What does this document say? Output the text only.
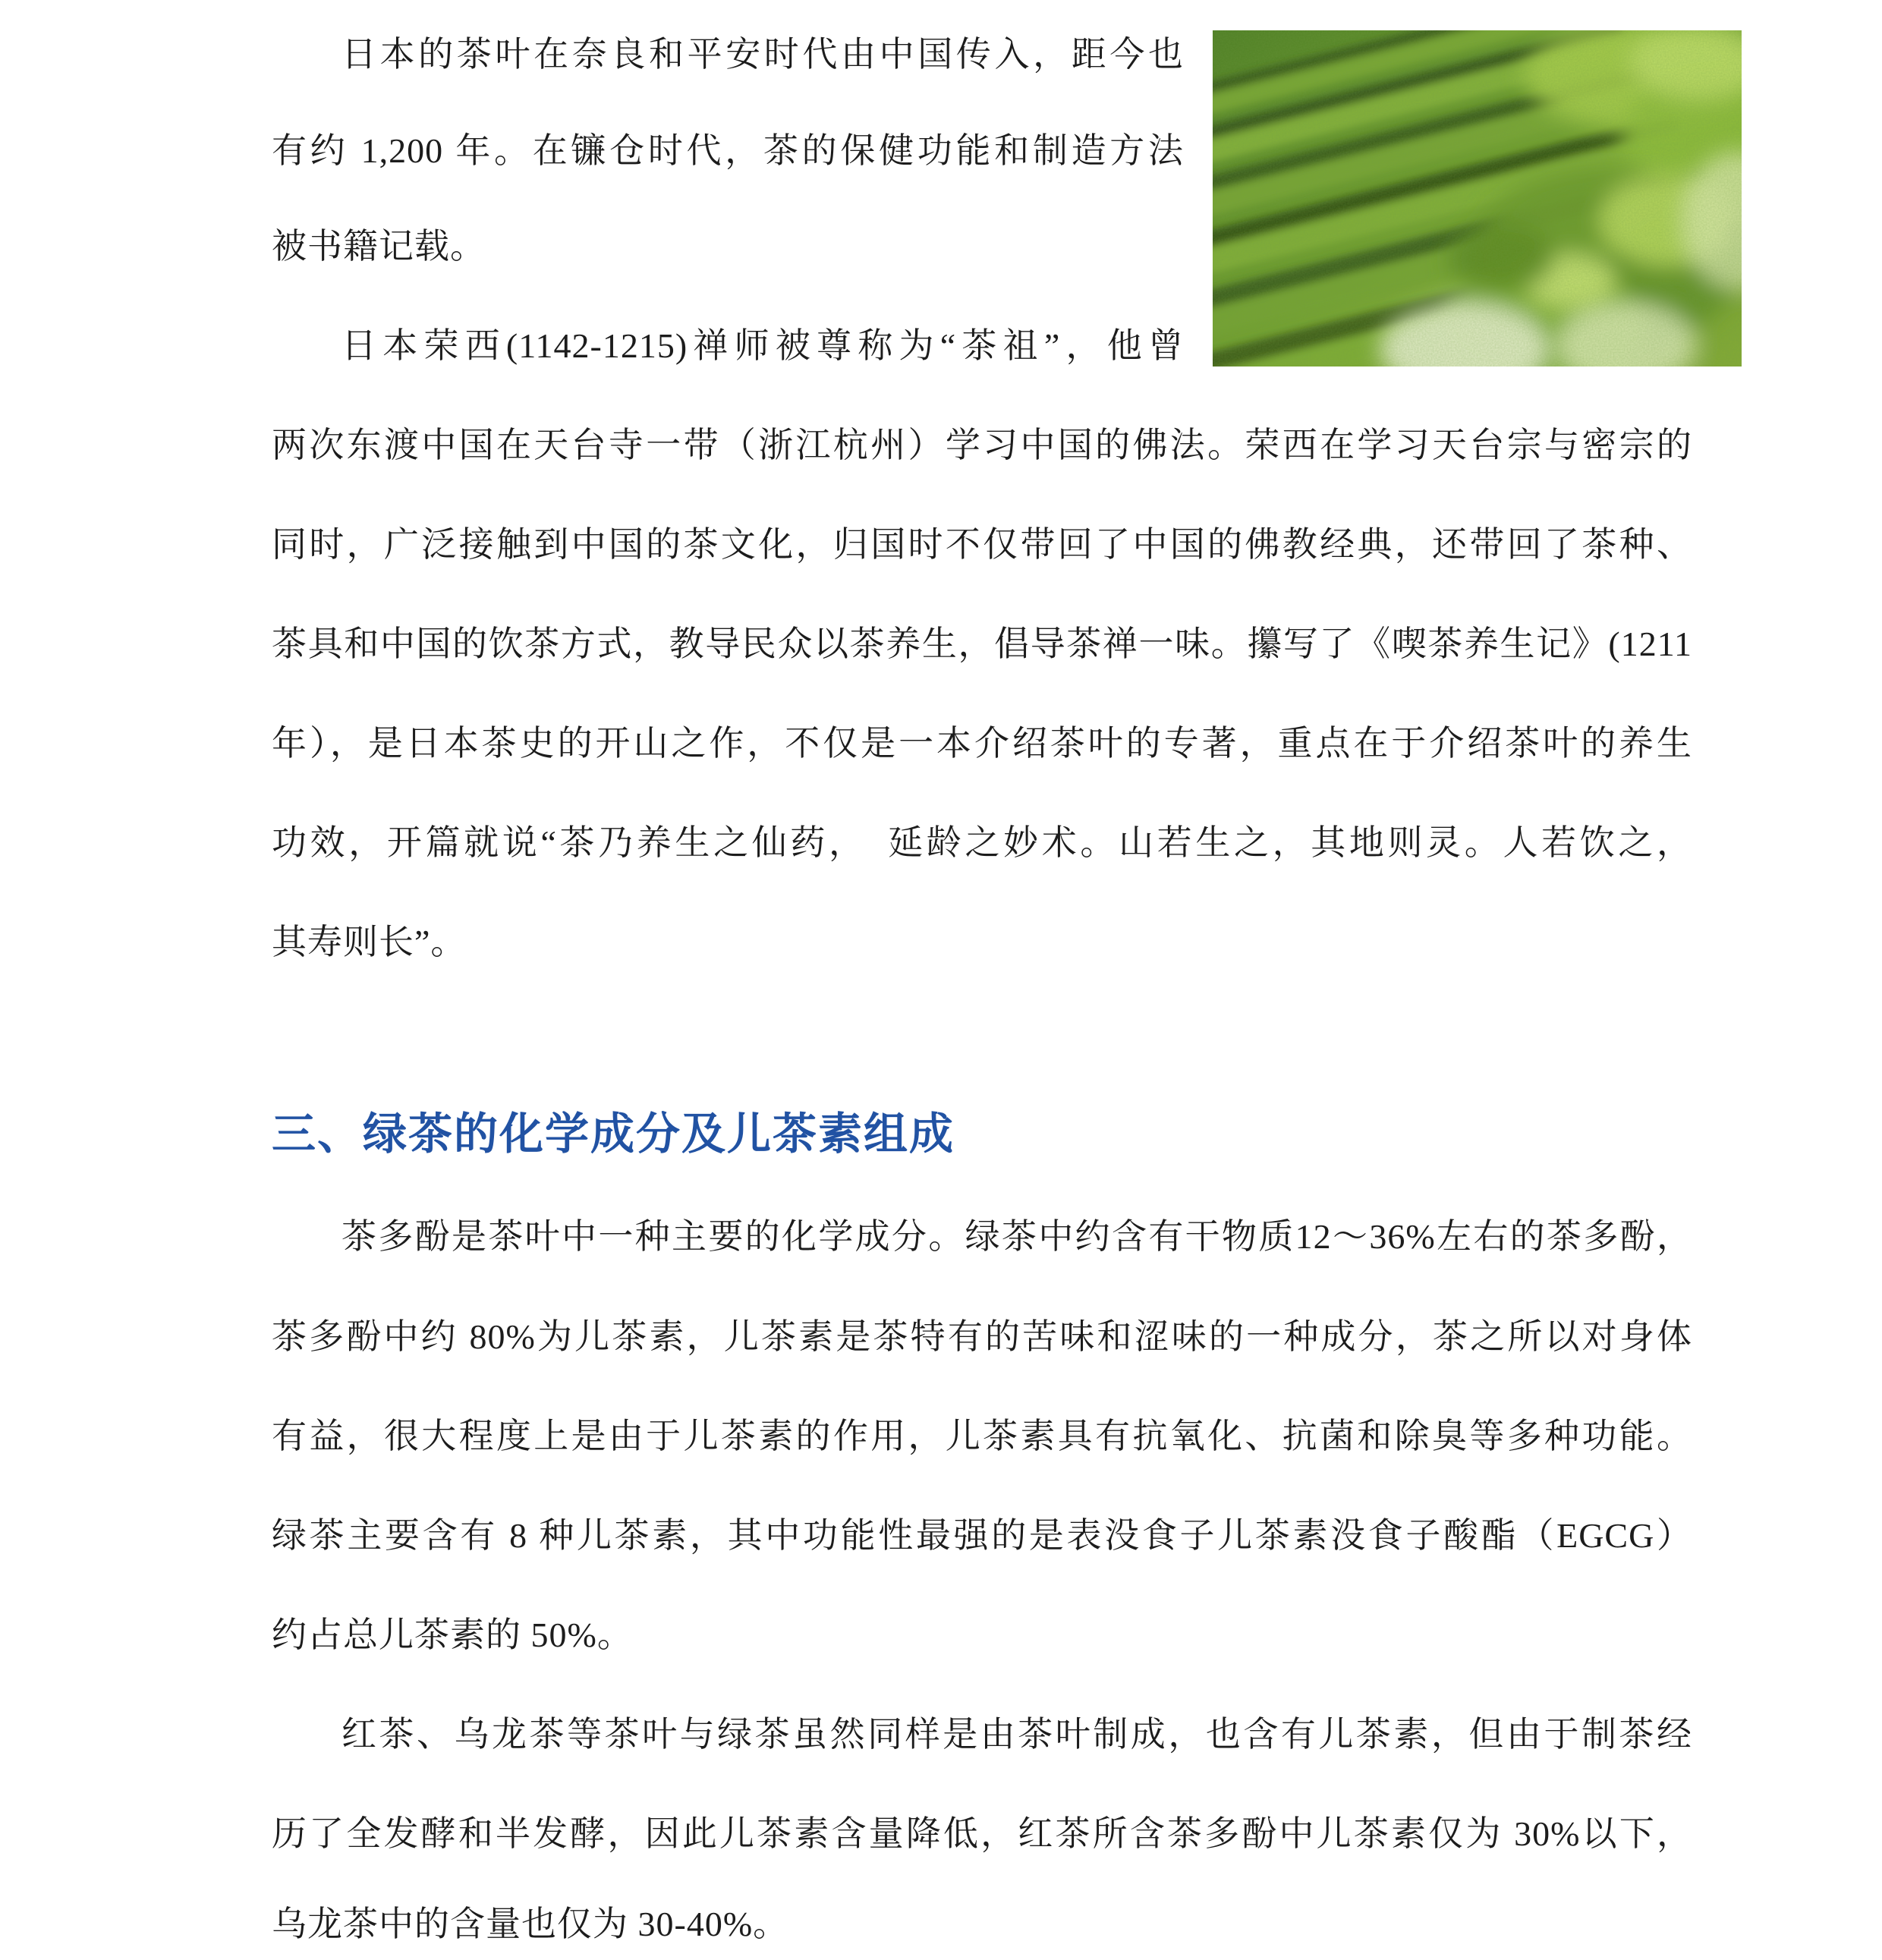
日本的茶叶在奈良和平安时代由中国传入，距今也
有约 1,200 年。在镰仓时代，茶的保健功能和制造方法
被书籍记载。
日本荣西(1142-1215)禅师被尊称为“茶祖”，他曾
两次东渡中国在天台寺一带（浙江杭州）学习中国的佛法。荣西在学习天台宗与密宗的
同时，广泛接触到中国的茶文化，归国时不仅带回了中国的佛教经典，还带回了茶种、
茶具和中国的饮茶方式，教导民众以茶养生，倡导茶禅一味。攥写了《喫茶养生记》(1211
年），是日本茶史的开山之作，不仅是一本介绍茶叶的专著，重点在于介绍茶叶的养生
功效，开篇就说“茶乃养生之仙药，　延龄之妙术。山若生之，其地则灵。人若饮之，
其寿则长”。
三、绿茶的化学成分及儿茶素组成
茶多酚是茶叶中一种主要的化学成分。绿茶中约含有干物质12～36%左右的茶多酚，
茶多酚中约 80%为儿茶素，儿茶素是茶特有的苦味和涩味的一种成分，茶之所以对身体
有益，很大程度上是由于儿茶素的作用，儿茶素具有抗氧化、抗菌和除臭等多种功能。
绿茶主要含有 8 种儿茶素，其中功能性最强的是表没食子儿茶素没食子酸酯（EGCG）
约占总儿茶素的 50%。
红茶、乌龙茶等茶叶与绿茶虽然同样是由茶叶制成，也含有儿茶素，但由于制茶经
历了全发酵和半发酵，因此儿茶素含量降低，红茶所含茶多酚中儿茶素仅为 30%以下，
乌龙茶中的含量也仅为 30-40%。
